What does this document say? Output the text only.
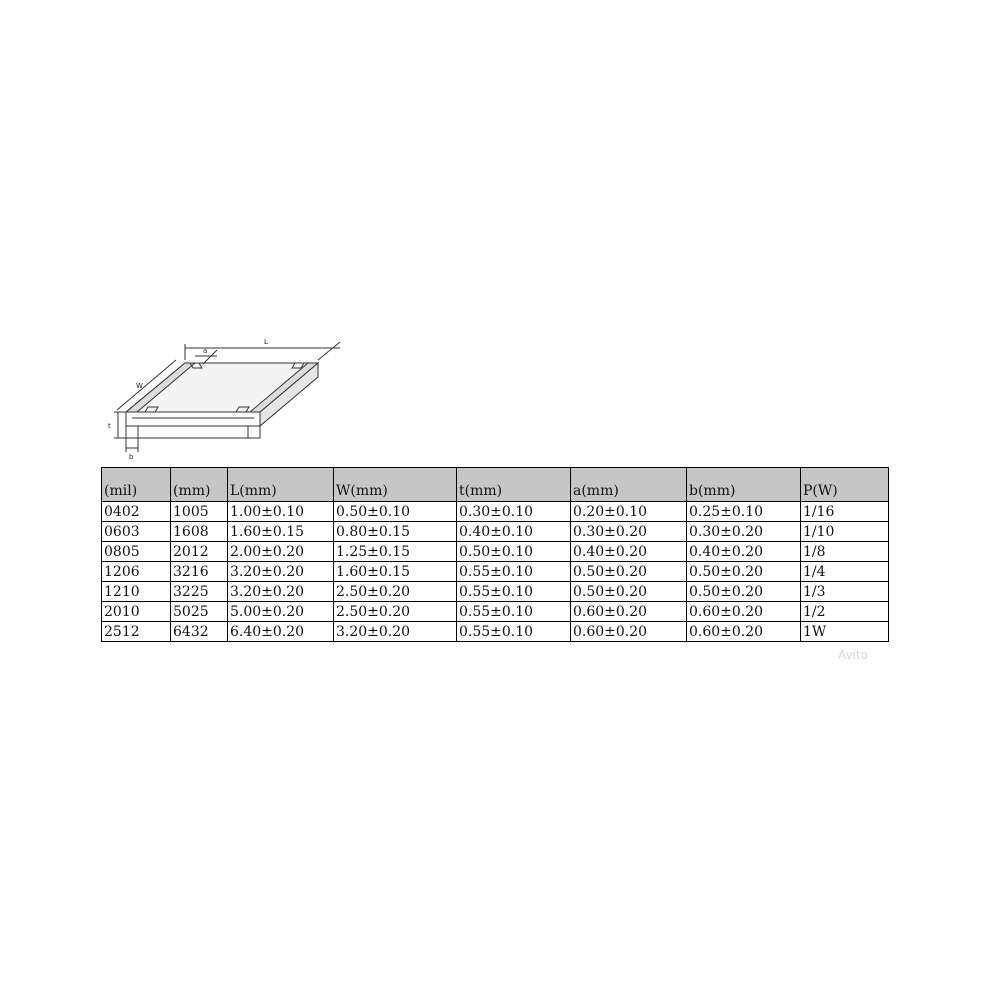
L
a
W
t
b
(mil)	(mm)	L(mm)	W(mm)	t(mm)	a(mm)	b(mm)	P(W)
0402	1005	1.00±0.10	0.50±0.10	0.30±0.10	0.20±0.10	0.25±0.10	1/16
0603	1608	1.60±0.15	0.80±0.15	0.40±0.10	0.30±0.20	0.30±0.20	1/10
0805	2012	2.00±0.20	1.25±0.15	0.50±0.10	0.40±0.20	0.40±0.20	1/8
1206	3216	3.20±0.20	1.60±0.15	0.55±0.10	0.50±0.20	0.50±0.20	1/4
1210	3225	3.20±0.20	2.50±0.20	0.55±0.10	0.50±0.20	0.50±0.20	1/3
2010	5025	5.00±0.20	2.50±0.20	0.55±0.10	0.60±0.20	0.60±0.20	1/2
2512	6432	6.40±0.20	3.20±0.20	0.55±0.10	0.60±0.20	0.60±0.20	1W
Avito
